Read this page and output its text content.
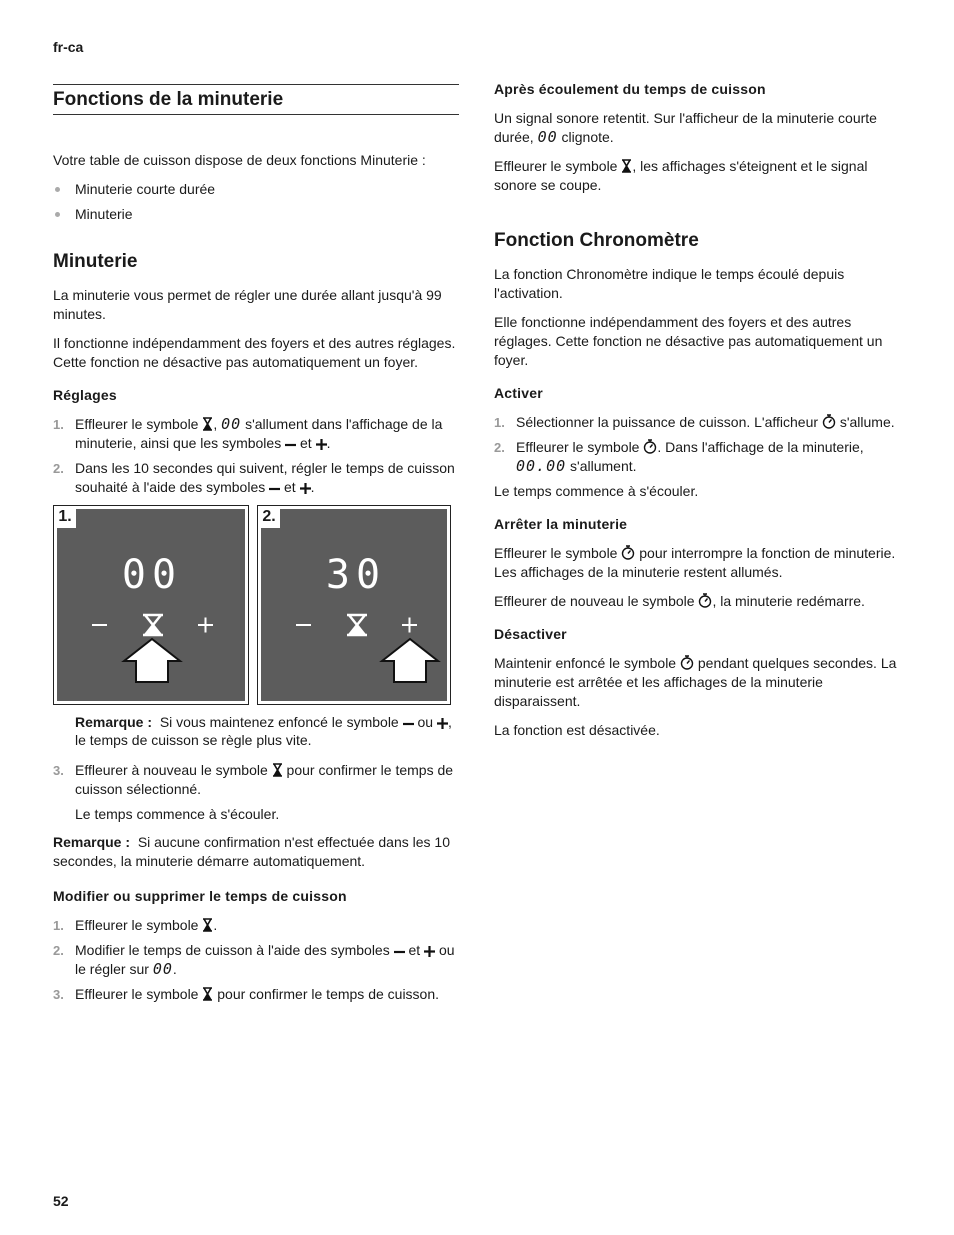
fr-ca
Fonctions de la minuterie

Votre table de cuisson dispose de deux fonctions Minuterie :

Minuterie courte durée
Minuterie
Minuterie

La minuterie vous permet de régler une durée allant jusqu'à 99 minutes.

Il fonctionne indépendamment des foyers et des autres réglages. Cette fonction ne désactive pas automatiquement un foyer.

Réglages
1. Effleurer le symbole , 00 s'allument dans l'affichage de la minuterie, ainsi que les symboles et .
2. Dans les 10 secondes qui suivent, régler le temps de cuisson souhaité à l'aide des symboles et .
00
1.
30
2.

Remarque : Si vous maintenez enfoncé le symbole ou , le temps de cuisson se règle plus vite.

3. Effleurer à nouveau le symbole pour confirmer le temps de cuisson sélectionné.

Le temps commence à s'écouler.

Remarque : Si aucune confirmation n'est effectuée dans les 10 secondes, la minuterie démarre automatiquement.

Modifier ou supprimer le temps de cuisson
1. Effleurer le symbole .
2. Modifier le temps de cuisson à l'aide des symboles et ou le régler sur 00.
3. Effleurer le symbole pour confirmer le temps de cuisson.
Après écoulement du temps de cuisson

Un signal sonore retentit. Sur l'afficheur de la minuterie courte durée, 00 clignote.

Effleurer le symbole , les affichages s'éteignent et le signal sonore se coupe.

Fonction Chronomètre

La fonction Chronomètre indique le temps écoulé depuis l'activation.

Elle fonctionne indépendamment des foyers et des autres réglages. Cette fonction ne désactive pas automatiquement un foyer.

Activer
1. Sélectionner la puissance de cuisson. L'afficheur s'allume.
2. Effleurer le symbole . Dans l'affichage de la minuterie, 00.00 s'allument.

Le temps commence à s'écouler.

Arrêter la minuterie

Effleurer le symbole pour interrompre la fonction de minuterie. Les affichages de la minuterie restent allumés.

Effleurer de nouveau le symbole , la minuterie redémarre.

Désactiver

Maintenir enfoncé le symbole pendant quelques secondes. La minuterie est arrêtée et les affichages de la minuterie disparaissent.

La fonction est désactivée.

52
